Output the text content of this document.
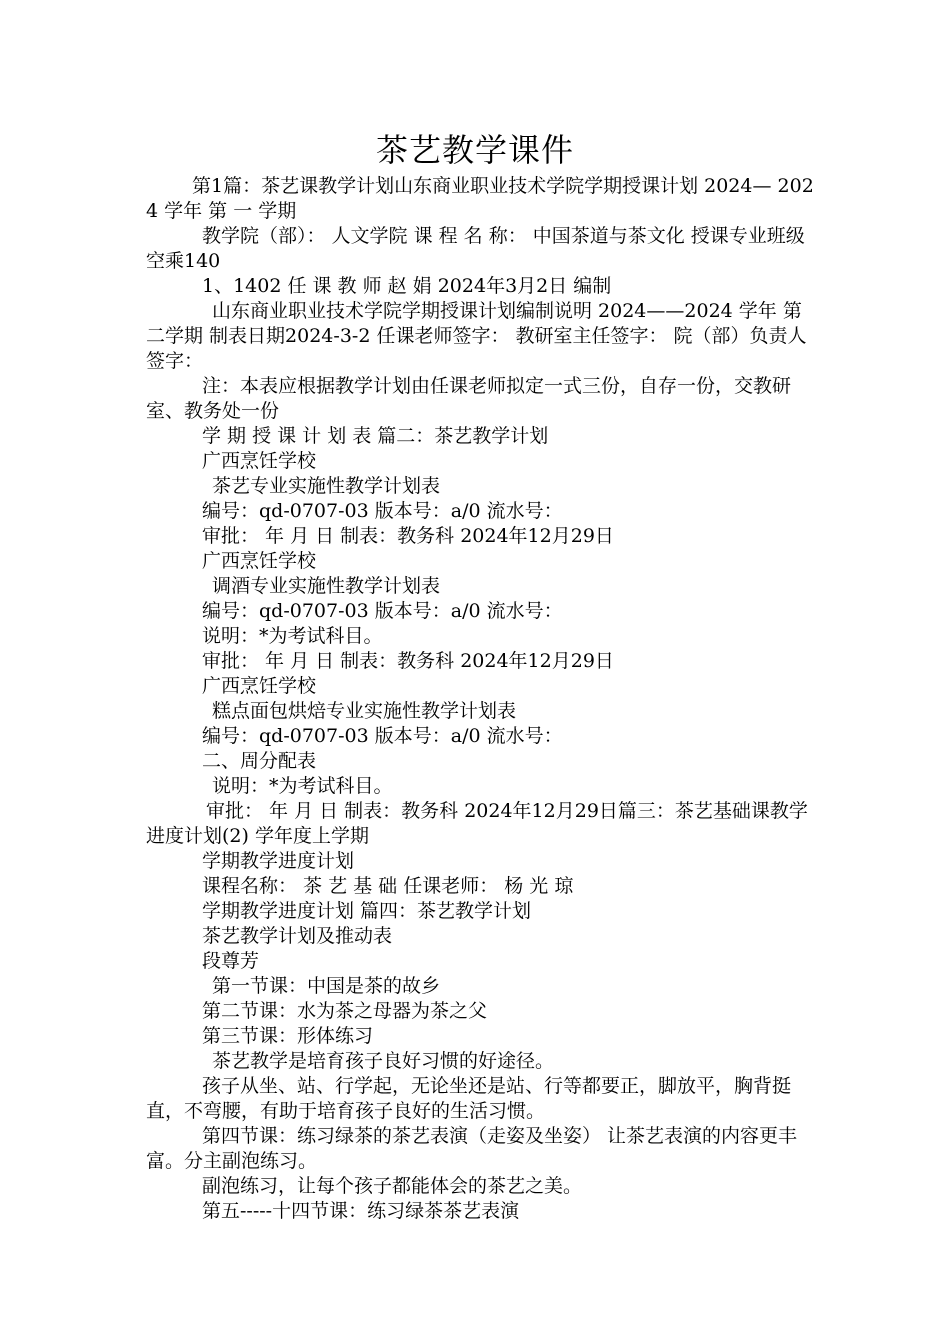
茶艺教学课件

第1篇：茶艺课教学计划山东商业职业技术学院学期授课计划 2024— 2024 学年 第 一 学期

教学院（部）： 人文学院 课 程 名 称： 中国茶道与茶文化 授课专业班级 空乘140

1、1402 任 课 教 师 赵 娟 2024年3月2日 编制

山东商业职业技术学院学期授课计划编制说明 2024——2024 学年 第二学期 制表日期2024-3-2 任课老师签字： 教研室主任签字： 院（部）负责人签字：

注：本表应根据教学计划由任课老师拟定一式三份，自存一份，交教研室、教务处一份

学 期 授 课 计 划 表 篇二：茶艺教学计划

广西烹饪学校

茶艺专业实施性教学计划表

编号：qd-0707-03 版本号：a/0 流水号：

审批： 年 月 日 制表：教务科 2024年12月29日

广西烹饪学校

调酒专业实施性教学计划表

编号：qd-0707-03 版本号：a/0 流水号：

说明：*为考试科目。

审批： 年 月 日 制表：教务科 2024年12月29日

广西烹饪学校

糕点面包烘焙专业实施性教学计划表

编号：qd-0707-03 版本号：a/0 流水号：

二、周分配表

说明：*为考试科目。

审批： 年 月 日 制表：教务科 2024年12月29日篇三：茶艺基础课教学进度计划(2) 学年度上学期

学期教学进度计划

课程名称： 茶 艺 基 础 任课老师： 杨 光 琼

学期教学进度计划 篇四：茶艺教学计划

茶艺教学计划及推动表

段尊芳

第一节课：中国是茶的故乡

第二节课：水为茶之母器为茶之父

第三节课：形体练习

茶艺教学是培育孩子良好习惯的好途径。

孩子从坐、站、行学起，无论坐还是站、行等都要正，脚放平，胸背挺直，不弯腰，有助于培育孩子良好的生活习惯。

第四节课：练习绿茶的茶艺表演（走姿及坐姿） 让茶艺表演的内容更丰富。分主副泡练习。

副泡练习，让每个孩子都能体会的茶艺之美。

第五-----十四节课：练习绿茶茶艺表演
